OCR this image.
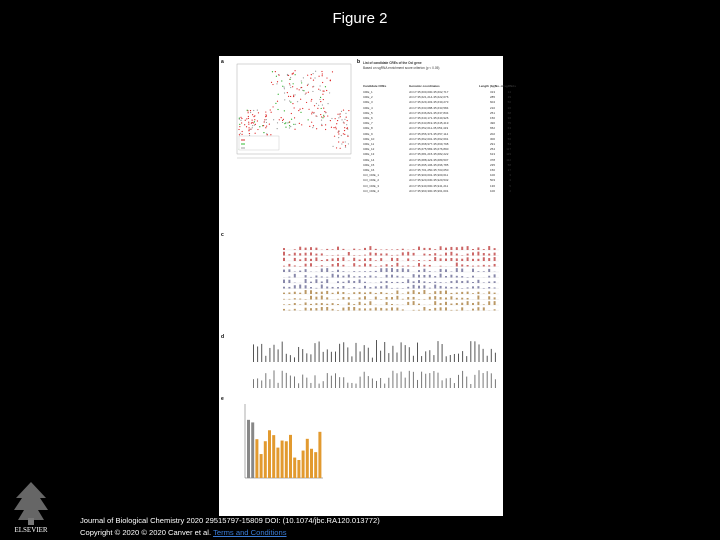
Figure 2
a	b List of candidate CREs of the Ocl gene
Based on sgRNA enrichment score criterion (p < 0.05)
Candidate CREs	Genomic coordinates	Length (bp) No. of sgRNAs
CRE_1	chr17:35,600,000-35,602,717	313	14
CRE_2	chr17:35,621,214-35,622,076	285	19
CRE_3	chr17:35,629,403-35,630,273	604	50
CRE_4	chr17:35,633,088-35,633,584	210	20
CRE_5	chr17:35,636,821-35,637,834	251	68
CRE_6	chr17:35,640,171-35,640,926	150	30
CRE_7	chr17:35,643,819-35,645,419	490	75
CRE_8	chr17:35,652,011-35,653,419	652	63
CRE_9	chr17:35,656,374-35,657,114	202	27
CRE_10	chr17:35,662,001-35,662,691	300	56
CRE_11	chr17:35,668,977-35,669,798	291	54
CRE_12	chr17:35,675,583-35,676,890	254	117
CRE_13	chr17:35,681,215-35,682,222	613	119
CRE_14	chr17:35,688,423-35,689,507	378	112
CRE_15	chr17:35,695,106-35,696,785	235	58
CRE_16	chr17:35,701,250-35,703,050	150	17
Ctrl_CRE_1	chr17:35,900,001-35,900,611	100	3
Ctrl_CRE_2	chr17:35,920,030-35,920,532	503	3
Ctrl_CRE_3	chr17:35,940,600-35,941,211	136	5
Ctrl_CRE_4	chr17:35,960,300-35,961,001	100	2
c
d
e
ELSEVIER
Journal of Biological Chemistry 2020 29515797-15809 DOI: (10.1074/jbc.RA120.013772)
Copyright © 2020 © 2020 Canver et al. Terms and Conditions
